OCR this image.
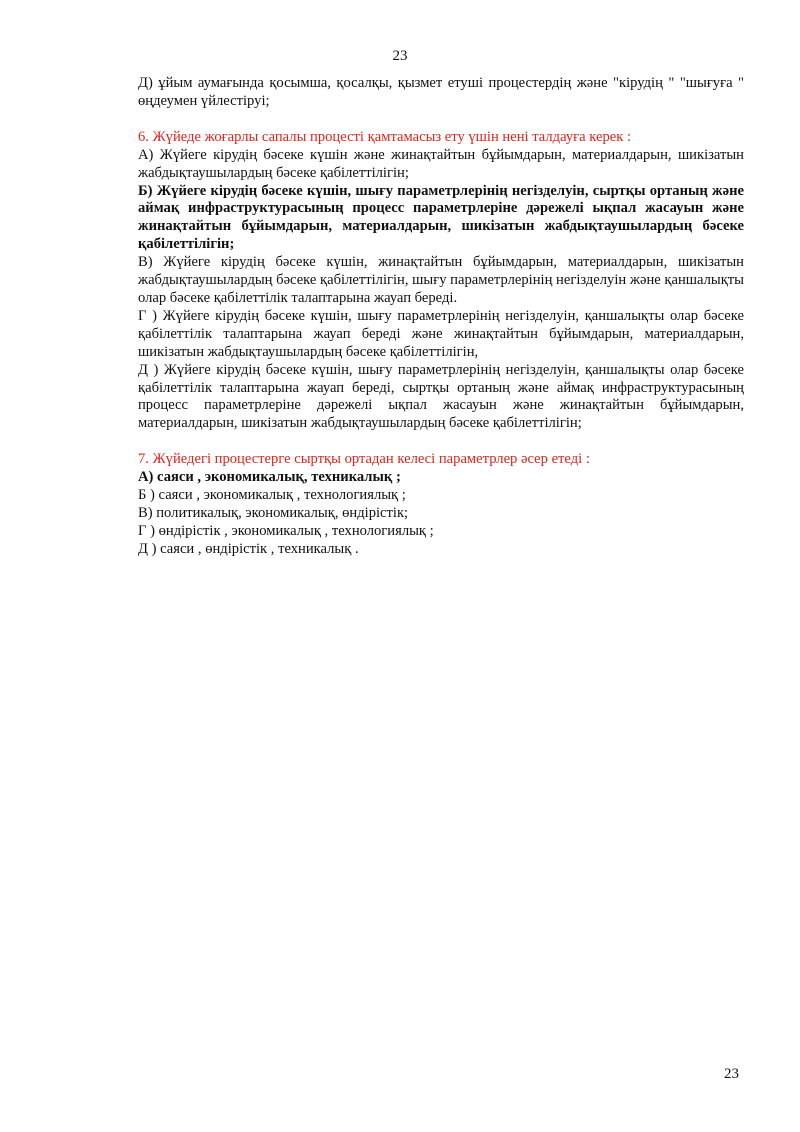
23

Д) ұйым аумағында қосымша, қосалқы, қызмет етуші процестердің және "кірудің " "шығуға " өңдеумен үйлестіруі;

6. Жүйеде жоғарлы сапалы процесті қамтамасыз ету үшін нені талдауға керек :

А) Жүйеге кірудің бәсеке күшін және жинақтайтын бұйымдарын, материалдарын, шикізатын жабдықтаушылардың бәсеке қабілеттілігін;

Б) Жүйеге кірудің бәсеке күшін, шығу параметрлерінің негізделуін, сыртқы ортаның және аймақ инфраструктурасының процесс параметрлеріне дәрежелі ықпал жасауын және жинақтайтын бұйымдарын, материалдарын, шикізатын жабдықтаушылардың бәсеке қабілеттілігін;

В) Жүйеге кірудің бәсеке күшін, жинақтайтын бұйымдарын, материалдарын, шикізатын жабдықтаушылардың бәсеке қабілеттілігін, шығу параметрлерінің негізделуін және қаншалықты олар бәсеке қабілеттілік талаптарына жауап береді.

Г ) Жүйеге кірудің бәсеке күшін, шығу параметрлерінің негізделуін, қаншалықты олар бәсеке қабілеттілік талаптарына жауап береді және жинақтайтын бұйымдарын, материалдарын, шикізатын жабдықтаушылардың бәсеке қабілеттілігін,

Д ) Жүйеге кірудің бәсеке күшін, шығу параметрлерінің негізделуін, қаншалықты олар бәсеке қабілеттілік талаптарына жауап береді, сыртқы ортаның және аймақ инфраструктурасының процесс параметрлеріне дәрежелі ықпал жасауын және жинақтайтын бұйымдарын, материалдарын, шикізатын жабдықтаушылардың бәсеке қабілеттілігін;

7. Жүйедегі процестерге сыртқы ортадан келесі параметрлер әсер етеді :

А) саяси , экономикалық, техникалық ;

Б ) саяси , экономикалық , технологиялық ;

В) политикалық, экономикалық, өндірістік;

Г ) өндірістік , экономикалық , технологиялық ;

Д ) саяси , өндірістік , техникалық .

23
